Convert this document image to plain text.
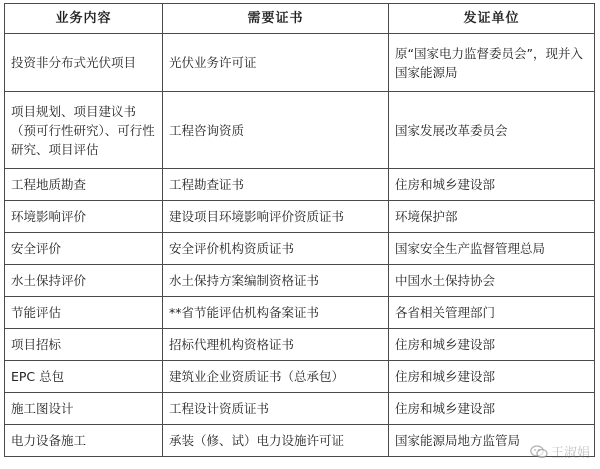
业务内容	需要证书	发证单位
投资非分布式光伏项目	光伏业务许可证	原“国家电力监督委员会”，现并入国家能源局
项目规划、项目建议书（预可行性研究）、可行性研究、项目评估	工程咨询资质	国家发展改革委员会
工程地质勘查	工程勘查证书	住房和城乡建设部
环境影响评价	建设项目环境影响评价资质证书	环境保护部
安全评价	安全评价机构资质证书	国家安全生产监督管理总局
水土保持评价	水土保持方案编制资格证书	中国水土保持协会
节能评估	**省节能评估机构备案证书	各省相关管理部门
项目招标	招标代理机构资格证书	住房和城乡建设部
EPC 总包	建筑业企业资质证书（总承包）	住房和城乡建设部
施工图设计	工程设计资质证书	住房和城乡建设部
电力设备施工	承装（修、试）电力设施许可证	国家能源局地方监管局
王淑娟
